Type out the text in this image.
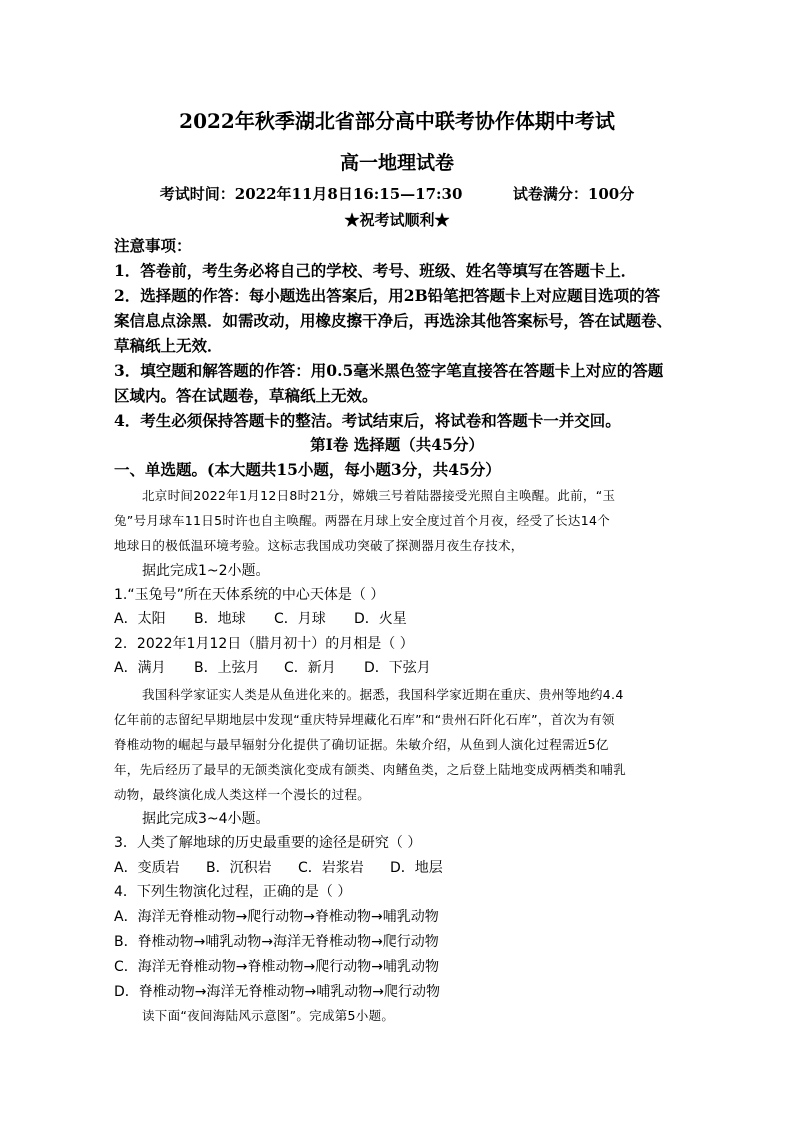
2022年秋季湖北省部分高中联考协作体期中考试
高一地理试卷
考试时间：2022年11月8日16:15—17:30	试卷满分：100分
★祝考试顺利★
注意事项：
1．答卷前，考生务必将自己的学校、考号、班级、姓名等填写在答题卡上．
2．选择题的作答：每小题选出答案后，用2B铅笔把答题卡上对应题目选项的答
案信息点涂黑．如需改动，用橡皮擦干净后，再选涂其他答案标号，答在试题卷、
草稿纸上无效．
3．填空题和解答题的作答：用0.5毫米黑色签字笔直接答在答题卡上对应的答题
区域内。答在试题卷，草稿纸上无效。
4．考生必须保持答题卡的整洁。考试结束后，将试卷和答题卡一并交回。
第Ⅰ卷 选择题（共45分）
一、单选题。(本大题共15小题，每小题3分，共45分）
北京时间2022年1月12日8时21分，嫦娥三号着陆器接受光照自主唤醒。此前，“玉
兔”号月球车11日5时许也自主唤醒。两器在月球上安全度过首个月夜，经受了长达14个
地球日的极低温环境考验。这标志我国成功突破了探测器月夜生存技术，
据此完成1~2小题。
1.“玉兔号”所在天体系统的中心天体是（ ）
A．太阳 B．地球 C．月球 D．火星
2．2022年1月12日（腊月初十）的月相是（ ）
A．满月 B．上弦月 C．新月 D．下弦月
我国科学家证实人类是从鱼进化来的。据悉，我国科学家近期在重庆、贵州等地约4.4
亿年前的志留纪早期地层中发现“重庆特异埋藏化石库”和“贵州石阡化石库”，首次为有领
脊椎动物的崛起与最早辐射分化提供了确切证据。朱敏介绍，从鱼到人演化过程需近5亿
年，先后经历了最早的无颌类演化变成有颌类、肉鳍鱼类，之后登上陆地变成两栖类和哺乳
动物，最终演化成人类这样一个漫长的过程。
据此完成3~4小题。
3．人类了解地球的历史最重要的途径是研究（ ）
A．变质岩 B．沉积岩 C．岩浆岩 D．地层
4．下列生物演化过程，正确的是（ ）
A．海洋无脊椎动物→爬行动物→脊椎动物→哺乳动物
B．脊椎动物→哺乳动物→海洋无脊椎动物→爬行动物
C．海洋无脊椎动物→脊椎动物→爬行动物→哺乳动物
D．脊椎动物→海洋无脊椎动物→哺乳动物→爬行动物
读下面“夜间海陆风示意图”。完成第5小题。
